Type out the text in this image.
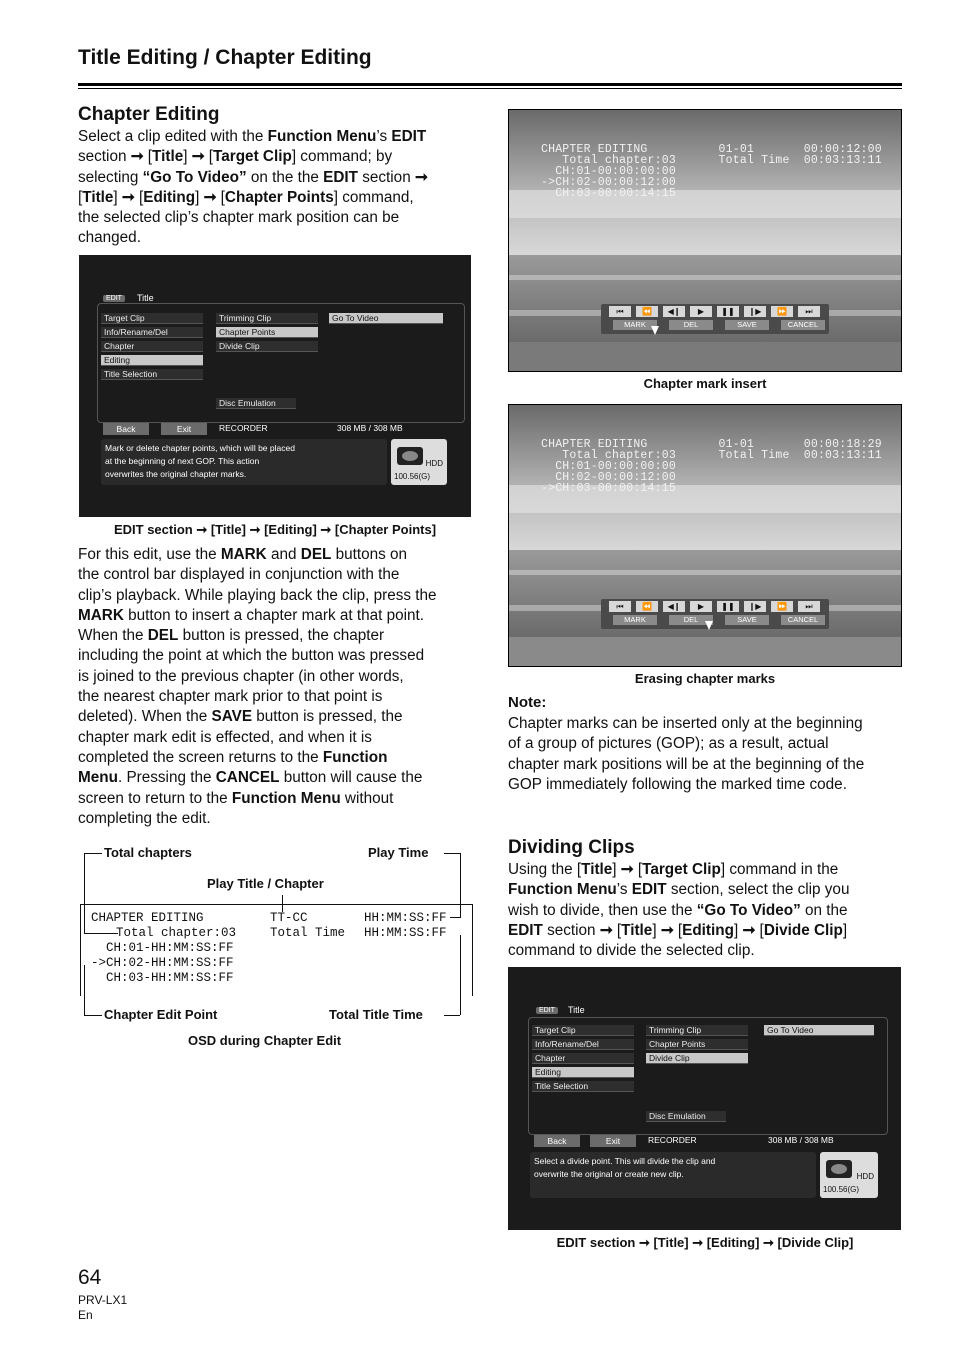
Title Editing / Chapter Editing
Chapter Editing
Select a clip edited with the Function Menu’s EDIT
section ➞ [Title] ➞ [Target Clip] command; by
selecting “Go To Video” on the the EDIT section ➞
[Title] ➞ [Editing] ➞ [Chapter Points] command,
the selected clip’s chapter mark position can be
changed.
EDIT	Title
Target Clip
Info/Rename/Del
Chapter
Editing
Title Selection
Trimming Clip
Chapter Points
Divide Clip
Go To Video
Disc Emulation
Back	Exit	RECORDER	308 MB / 308 MB
Mark or delete chapter points, which will be placed
at the beginning of next GOP. This action
overwrites the original chapter marks.
HDD
100.56(G)
EDIT section ➞ [Title] ➞ [Editing] ➞ [Chapter Points]
For this edit, use the MARK and DEL buttons on
the control bar displayed in conjunction with the
clip’s playback. While playing back the clip, press the
MARK button to insert a chapter mark at that point.
When the DEL button is pressed, the chapter
including the point at which the button was pressed
is joined to the previous chapter (in other words,
the nearest chapter mark prior to that point is
deleted). When the SAVE button is pressed, the
chapter mark edit is effected, and when it is
completed the screen returns to the Function
Menu. Pressing the CANCEL button will cause the
screen to return to the Function Menu without
completing the edit.
Total chapters	Play Time
Play Title / Chapter
CHAPTER EDITING	TT-CC	HH:MM:SS:FF
Total chapter:03	Total Time HH:MM:SS:FF
CH:01-HH:MM:SS:FF
->CH:02-HH:MM:SS:FF
CH:03-HH:MM:SS:FF
Chapter Edit Point	Total Title Time
OSD during Chapter Edit
CHAPTER EDITING          01-01       00:00:12:00
Total chapter:03      Total Time  00:03:13:11
CH:01-00:00:00:00
->CH:02-00:00:12:00
CH:03-00:00:14:15
⏮	⏪	◀❙	▶	❚❚	❙▶	⏩	⏭
MARK	DEL	SAVE	CANCEL
Chapter mark insert
CHAPTER EDITING          01-01       00:00:18:29
Total chapter:03      Total Time  00:03:13:11
CH:01-00:00:00:00
CH:02-00:00:12:00
->CH:03-00:00:14:15
⏮	⏪	◀❙	▶	❚❚	❙▶	⏩	⏭
MARK	DEL	SAVE	CANCEL
Erasing chapter marks
Note:
Chapter marks can be inserted only at the beginning
of a group of pictures (GOP); as a result, actual
chapter mark positions will be at the beginning of the
GOP immediately following the marked time code.
Dividing Clips
Using the [Title] ➞ [Target Clip] command in the
Function Menu’s EDIT section, select the clip you
wish to divide, then use the “Go To Video” on the
EDIT section ➞ [Title] ➞ [Editing] ➞ [Divide Clip]
command to divide the selected clip.
EDIT	Title
Target Clip
Info/Rename/Del
Chapter
Editing
Title Selection
Trimming Clip
Chapter Points
Divide Clip
Go To Video
Disc Emulation
Back	Exit	RECORDER	308 MB / 308 MB
Select a divide point. This will divide the clip and
overwrite the original or create new clip.	HDD
100.56(G)
EDIT section ➞ [Title] ➞ [Editing] ➞ [Divide Clip]
64
PRV-LX1
En
